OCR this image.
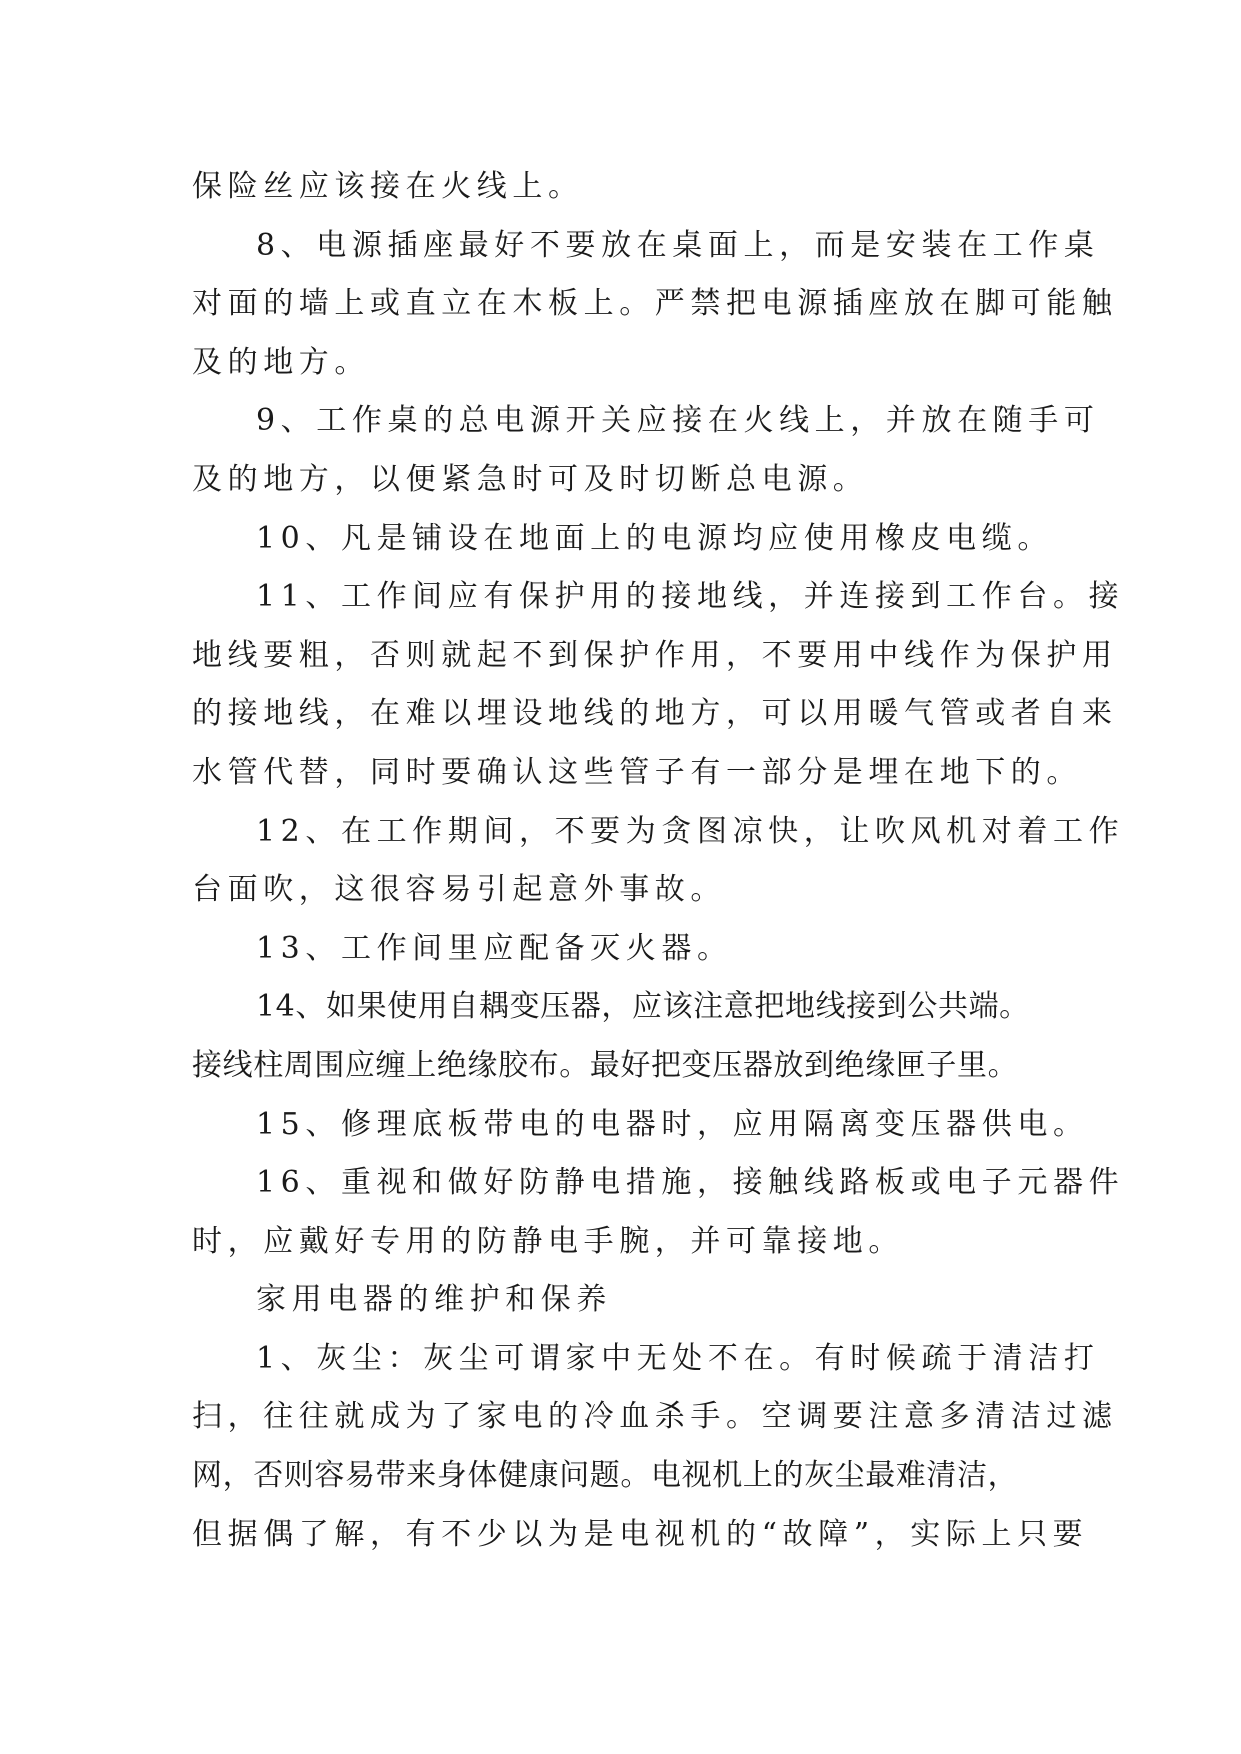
保险丝应该接在火线上。
8、电源插座最好不要放在桌面上，而是安装在工作桌
对面的墙上或直立在木板上。严禁把电源插座放在脚可能触
及的地方。
9、工作桌的总电源开关应接在火线上，并放在随手可
及的地方，以便紧急时可及时切断总电源。
10、凡是铺设在地面上的电源均应使用橡皮电缆。
11、工作间应有保护用的接地线，并连接到工作台。接
地线要粗，否则就起不到保护作用，不要用中线作为保护用
的接地线，在难以埋设地线的地方，可以用暖气管或者自来
水管代替，同时要确认这些管子有一部分是埋在地下的。
12、在工作期间，不要为贪图凉快，让吹风机对着工作
台面吹，这很容易引起意外事故。
13、工作间里应配备灭火器。
14、如果使用自耦变压器，应该注意把地线接到公共端。
接线柱周围应缠上绝缘胶布。最好把变压器放到绝缘匣子里。
15、修理底板带电的电器时，应用隔离变压器供电。
16、重视和做好防静电措施，接触线路板或电子元器件
时，应戴好专用的防静电手腕，并可靠接地。
家用电器的维护和保养
1、灰尘：灰尘可谓家中无处不在。有时候疏于清洁打
扫，往往就成为了家电的冷血杀手。空调要注意多清洁过滤
网，否则容易带来身体健康问题。电视机上的灰尘最难清洁，
但据偶了解，有不少以为是电视机的“故障”，实际上只要
